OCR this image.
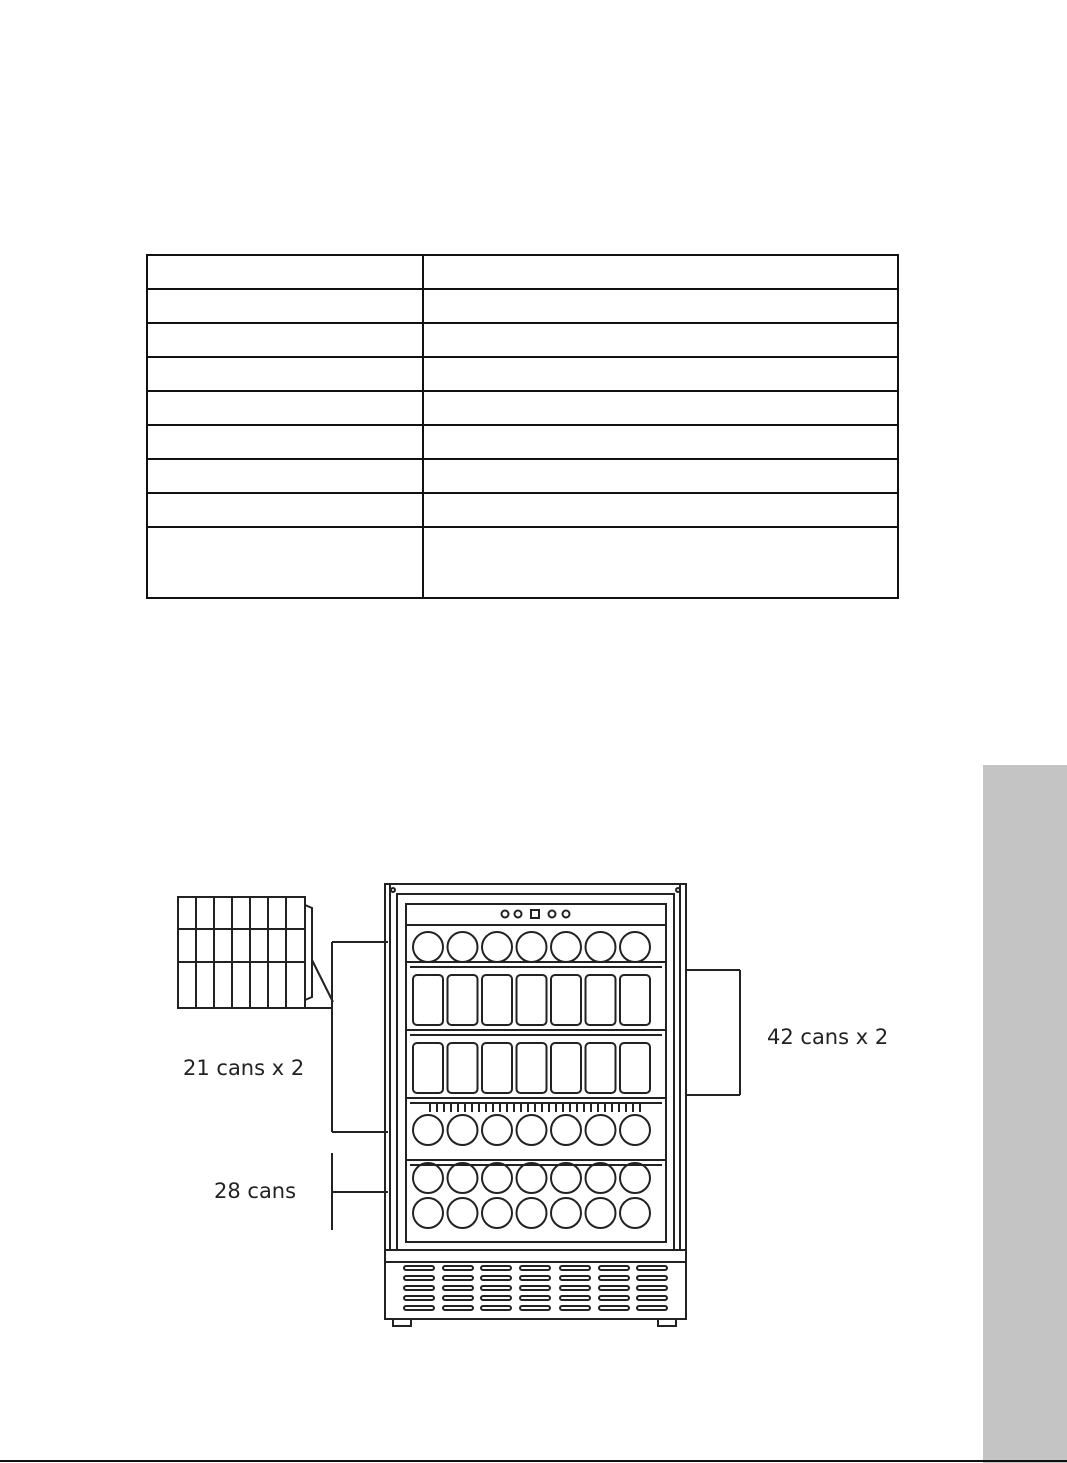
21 cans x 2
28 cans
42 cans x 2
